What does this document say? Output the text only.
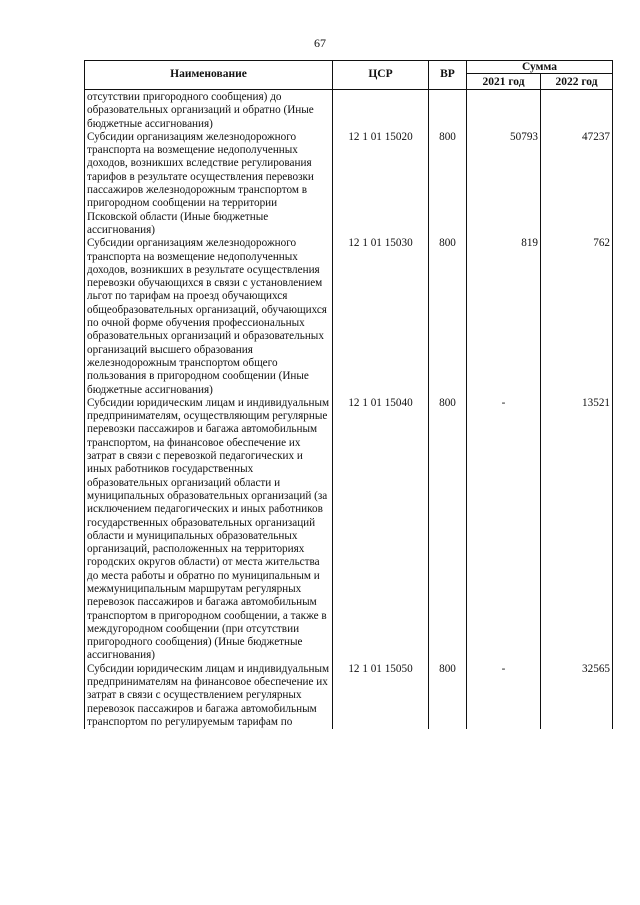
67
Наименование	ЦСР	ВР	Сумма	
			2021 год	2022 год
отсутствии пригородного сообщения) до образовательных организаций и обратно (Иные бюджетные ассигнования)				
Субсидии организациям железнодорожного транспорта на возмещение недополученных доходов, возникших вследствие регулирования тарифов в результате осуществления перевозки пассажиров железнодорожным транспортом в пригородном сообщении на территории Псковской области (Иные бюджетные ассигнования)	12 1 01 15020	800	50793	47237
Субсидии организациям железнодорожного транспорта на возмещение недополученных доходов, возникших в результате осуществления перевозки обучающихся в связи с установлением льгот по тарифам на проезд обучающихся общеобразовательных организаций, обучающихся по очной форме обучения профессиональных образовательных организаций и образовательных организаций высшего образования железнодорожным транспортом общего пользования в пригородном сообщении (Иные бюджетные ассигнования)	12 1 01 15030	800	819	762
Субсидии юридическим лицам и индивидуальным предпринимателям, осуществляющим регулярные перевозки пассажиров и багажа автомобильным транспортом, на финансовое обеспечение их затрат в связи с перевозкой педагогических и иных работников государственных образовательных организаций области и муниципальных образовательных организаций (за исключением педагогических и иных работников государственных образовательных организаций области и муниципальных образовательных организаций, расположенных на территориях городских округов области) от места жительства до места работы и обратно по муниципальным и межмуниципальным маршрутам регулярных перевозок пассажиров и багажа автомобильным транспортом в пригородном сообщении, а также в междугородном сообщении (при отсутствии пригородного сообщения) (Иные бюджетные ассигнования)	12 1 01 15040	800	-	13521
Субсидии юридическим лицам и индивидуальным предпринимателям на финансовое обеспечение их затрат в связи с осуществлением регулярных перевозок пассажиров и багажа автомобильным транспортом по регулируемым тарифам по	12 1 01 15050	800	-	32565
